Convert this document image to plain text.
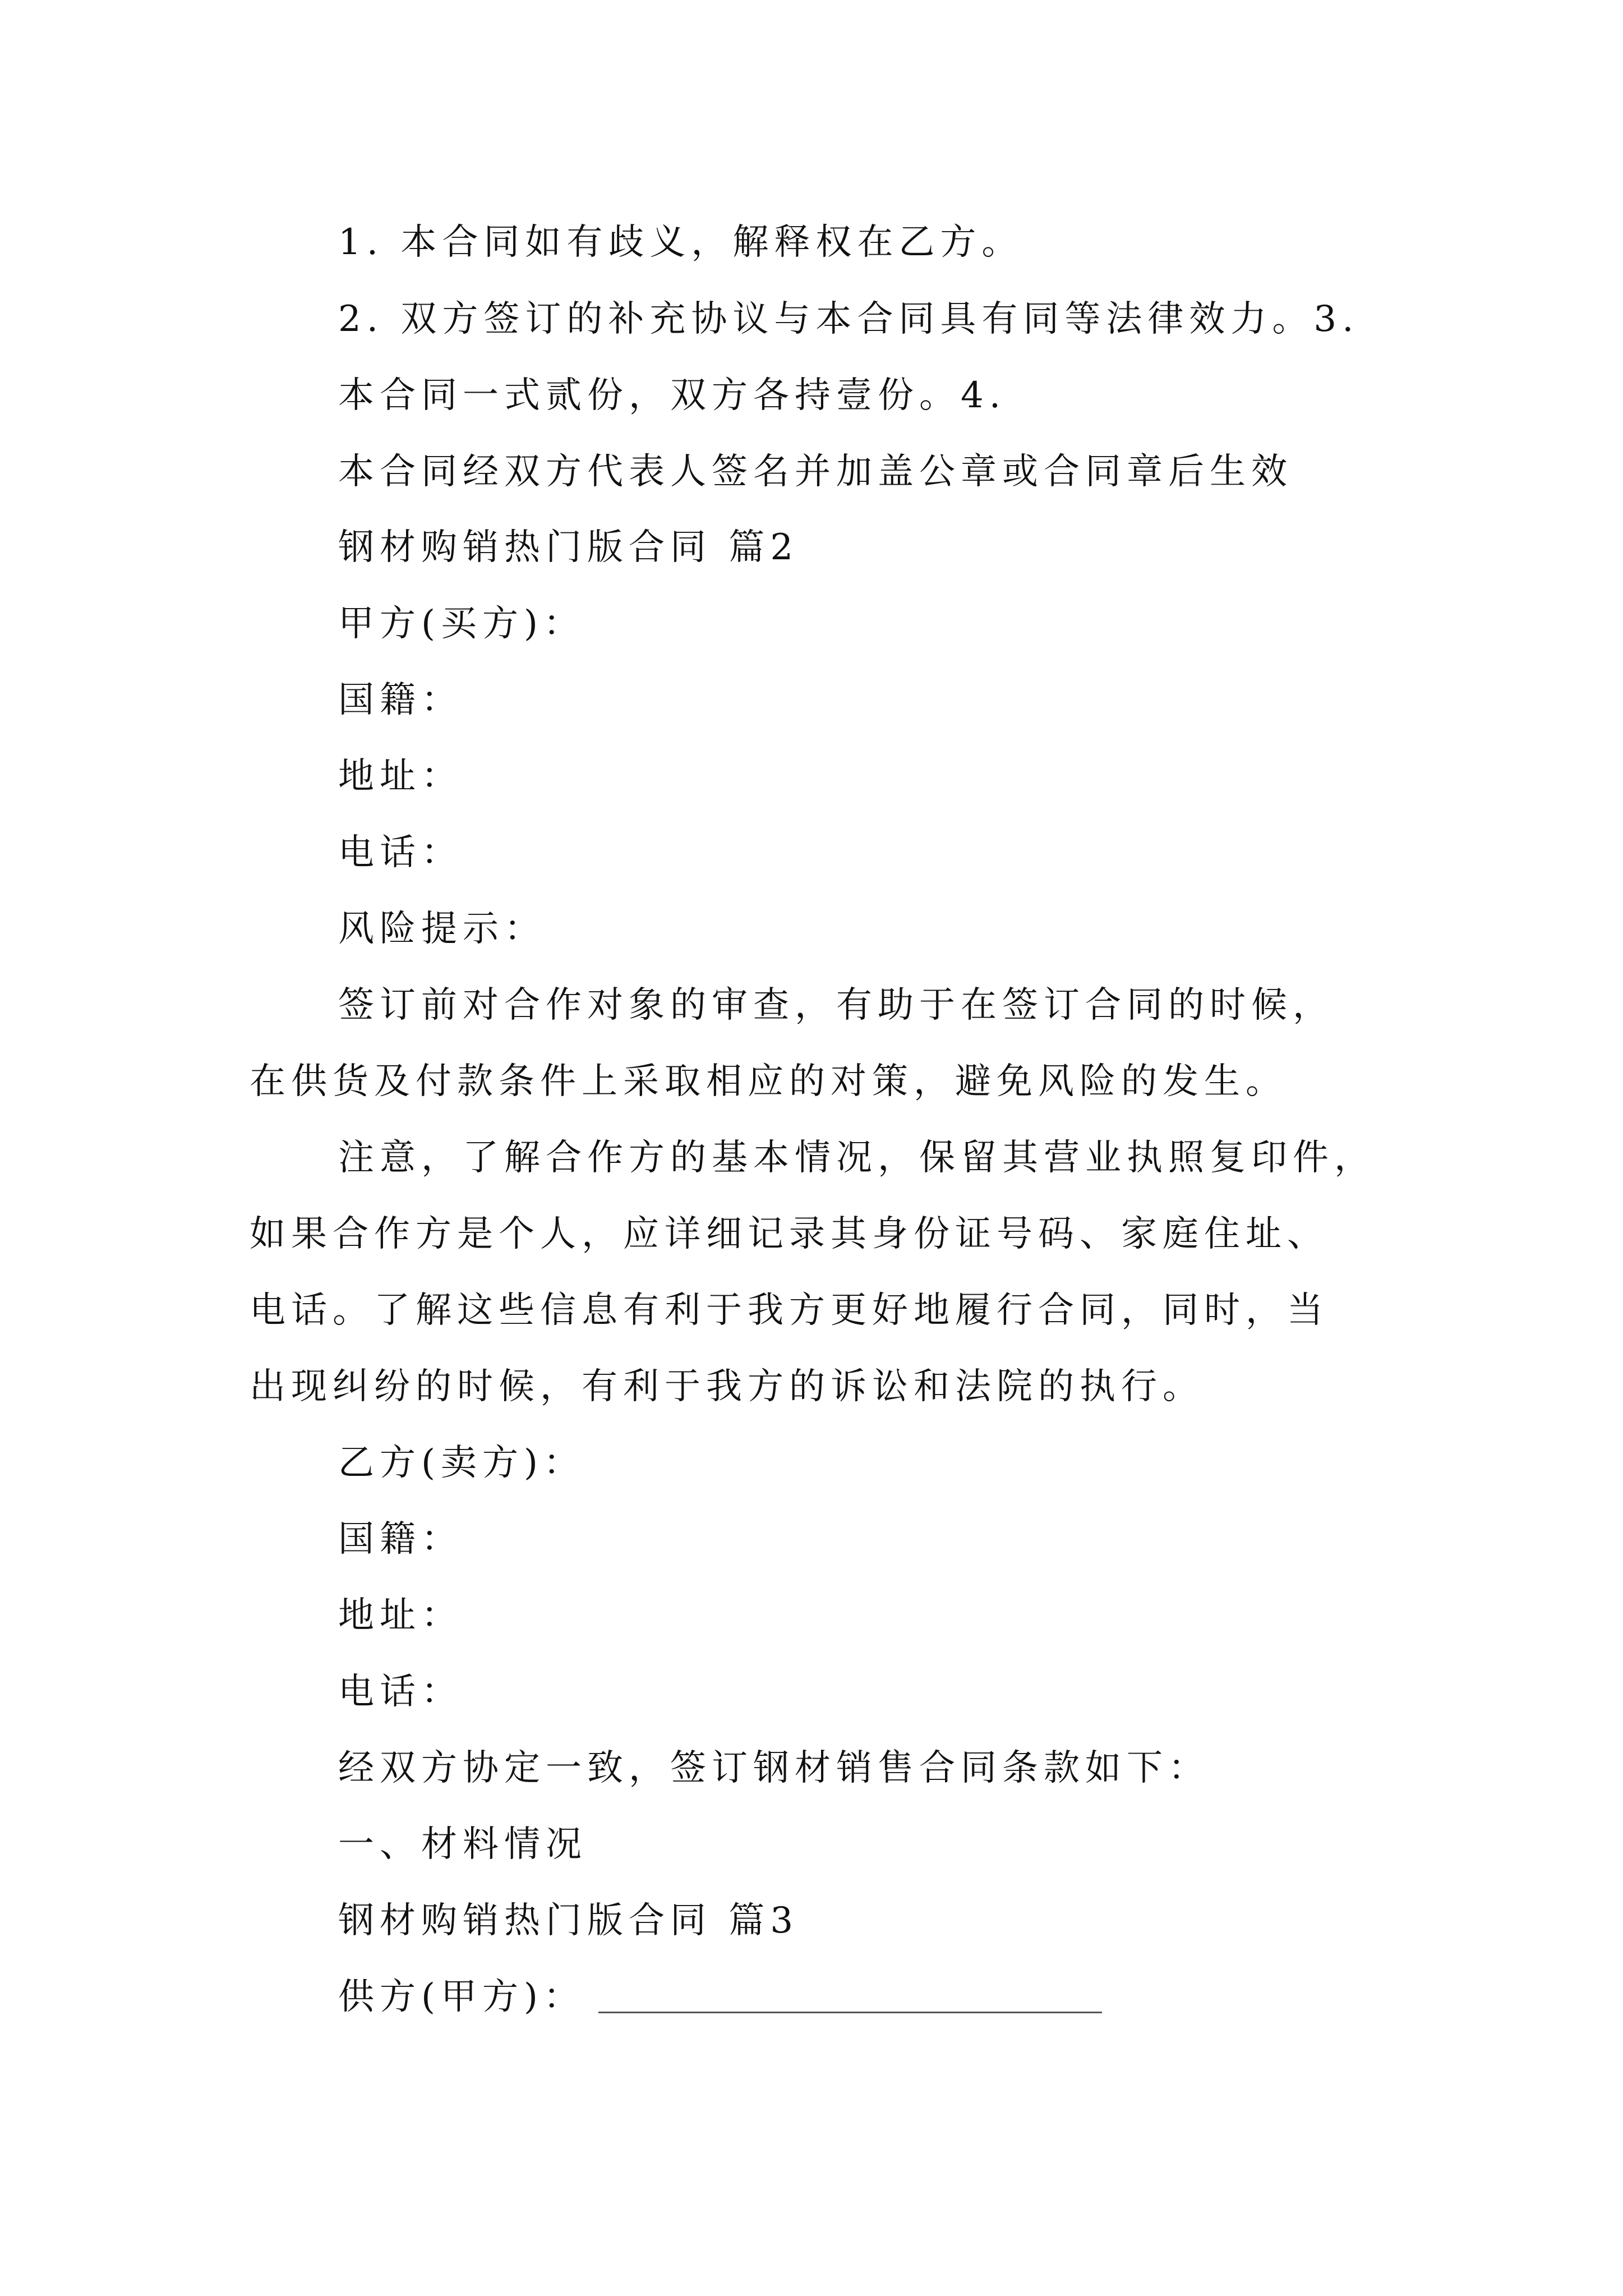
1. 本合同如有歧义，解释权在乙方。
2. 双方签订的补充协议与本合同具有同等法律效力。3.
本合同一式贰份，双方各持壹份。4.
本合同经双方代表人签名并加盖公章或合同章后生效
钢材购销热门版合同 篇2
甲方(买方)：
国籍：
地址：
电话：
风险提示：
签订前对合作对象的审查，有助于在签订合同的时候，
在供货及付款条件上采取相应的对策，避免风险的发生。
注意，了解合作方的基本情况，保留其营业执照复印件，
如果合作方是个人，应详细记录其身份证号码、家庭住址、
电话。了解这些信息有利于我方更好地履行合同，同时，当
出现纠纷的时候，有利于我方的诉讼和法院的执行。
乙方(卖方)：
国籍：
地址：
电话：
经双方协定一致，签订钢材销售合同条款如下：
一、材料情况
钢材购销热门版合同 篇3
供方(甲方)：
